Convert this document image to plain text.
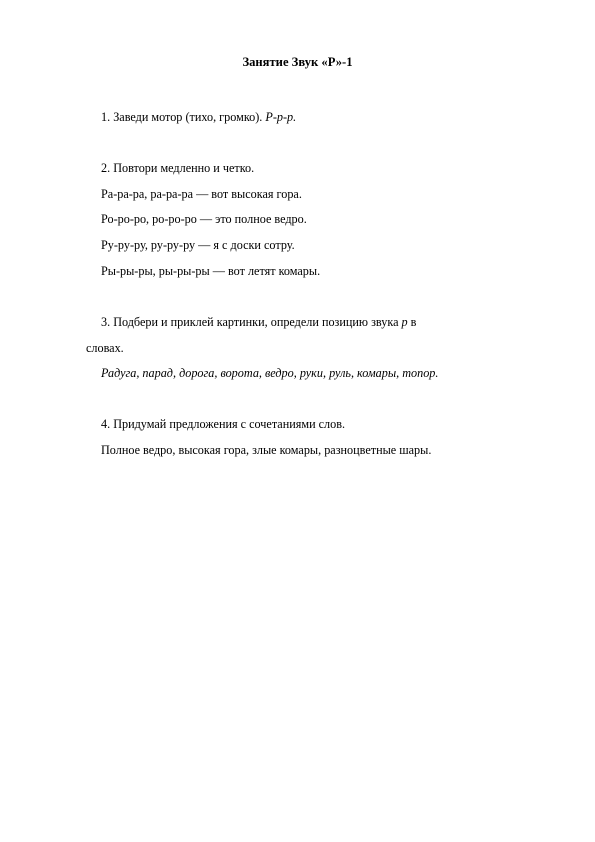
Занятие Звук «Р»-1
1. Заведи мотор (тихо, громко). Р-р-р.
2. Повтори медленно и четко.
Ра-ра-ра, ра-ра-ра — вот высокая гора.
Ро-ро-ро, ро-ро-ро — это полное ведро.
Ру-ру-ру, ру-ру-ру — я с доски сотру.
Ры-ры-ры, ры-ры-ры — вот летят комары.
3. Подбери и приклей картинки, определи позицию звука р в
словах.
Радуга, парад, дорога, ворота, ведро, руки, руль, комары, топор.
4. Придумай предложения с сочетаниями слов.
Полное ведро, высокая гора, злые комары, разноцветные шары.
